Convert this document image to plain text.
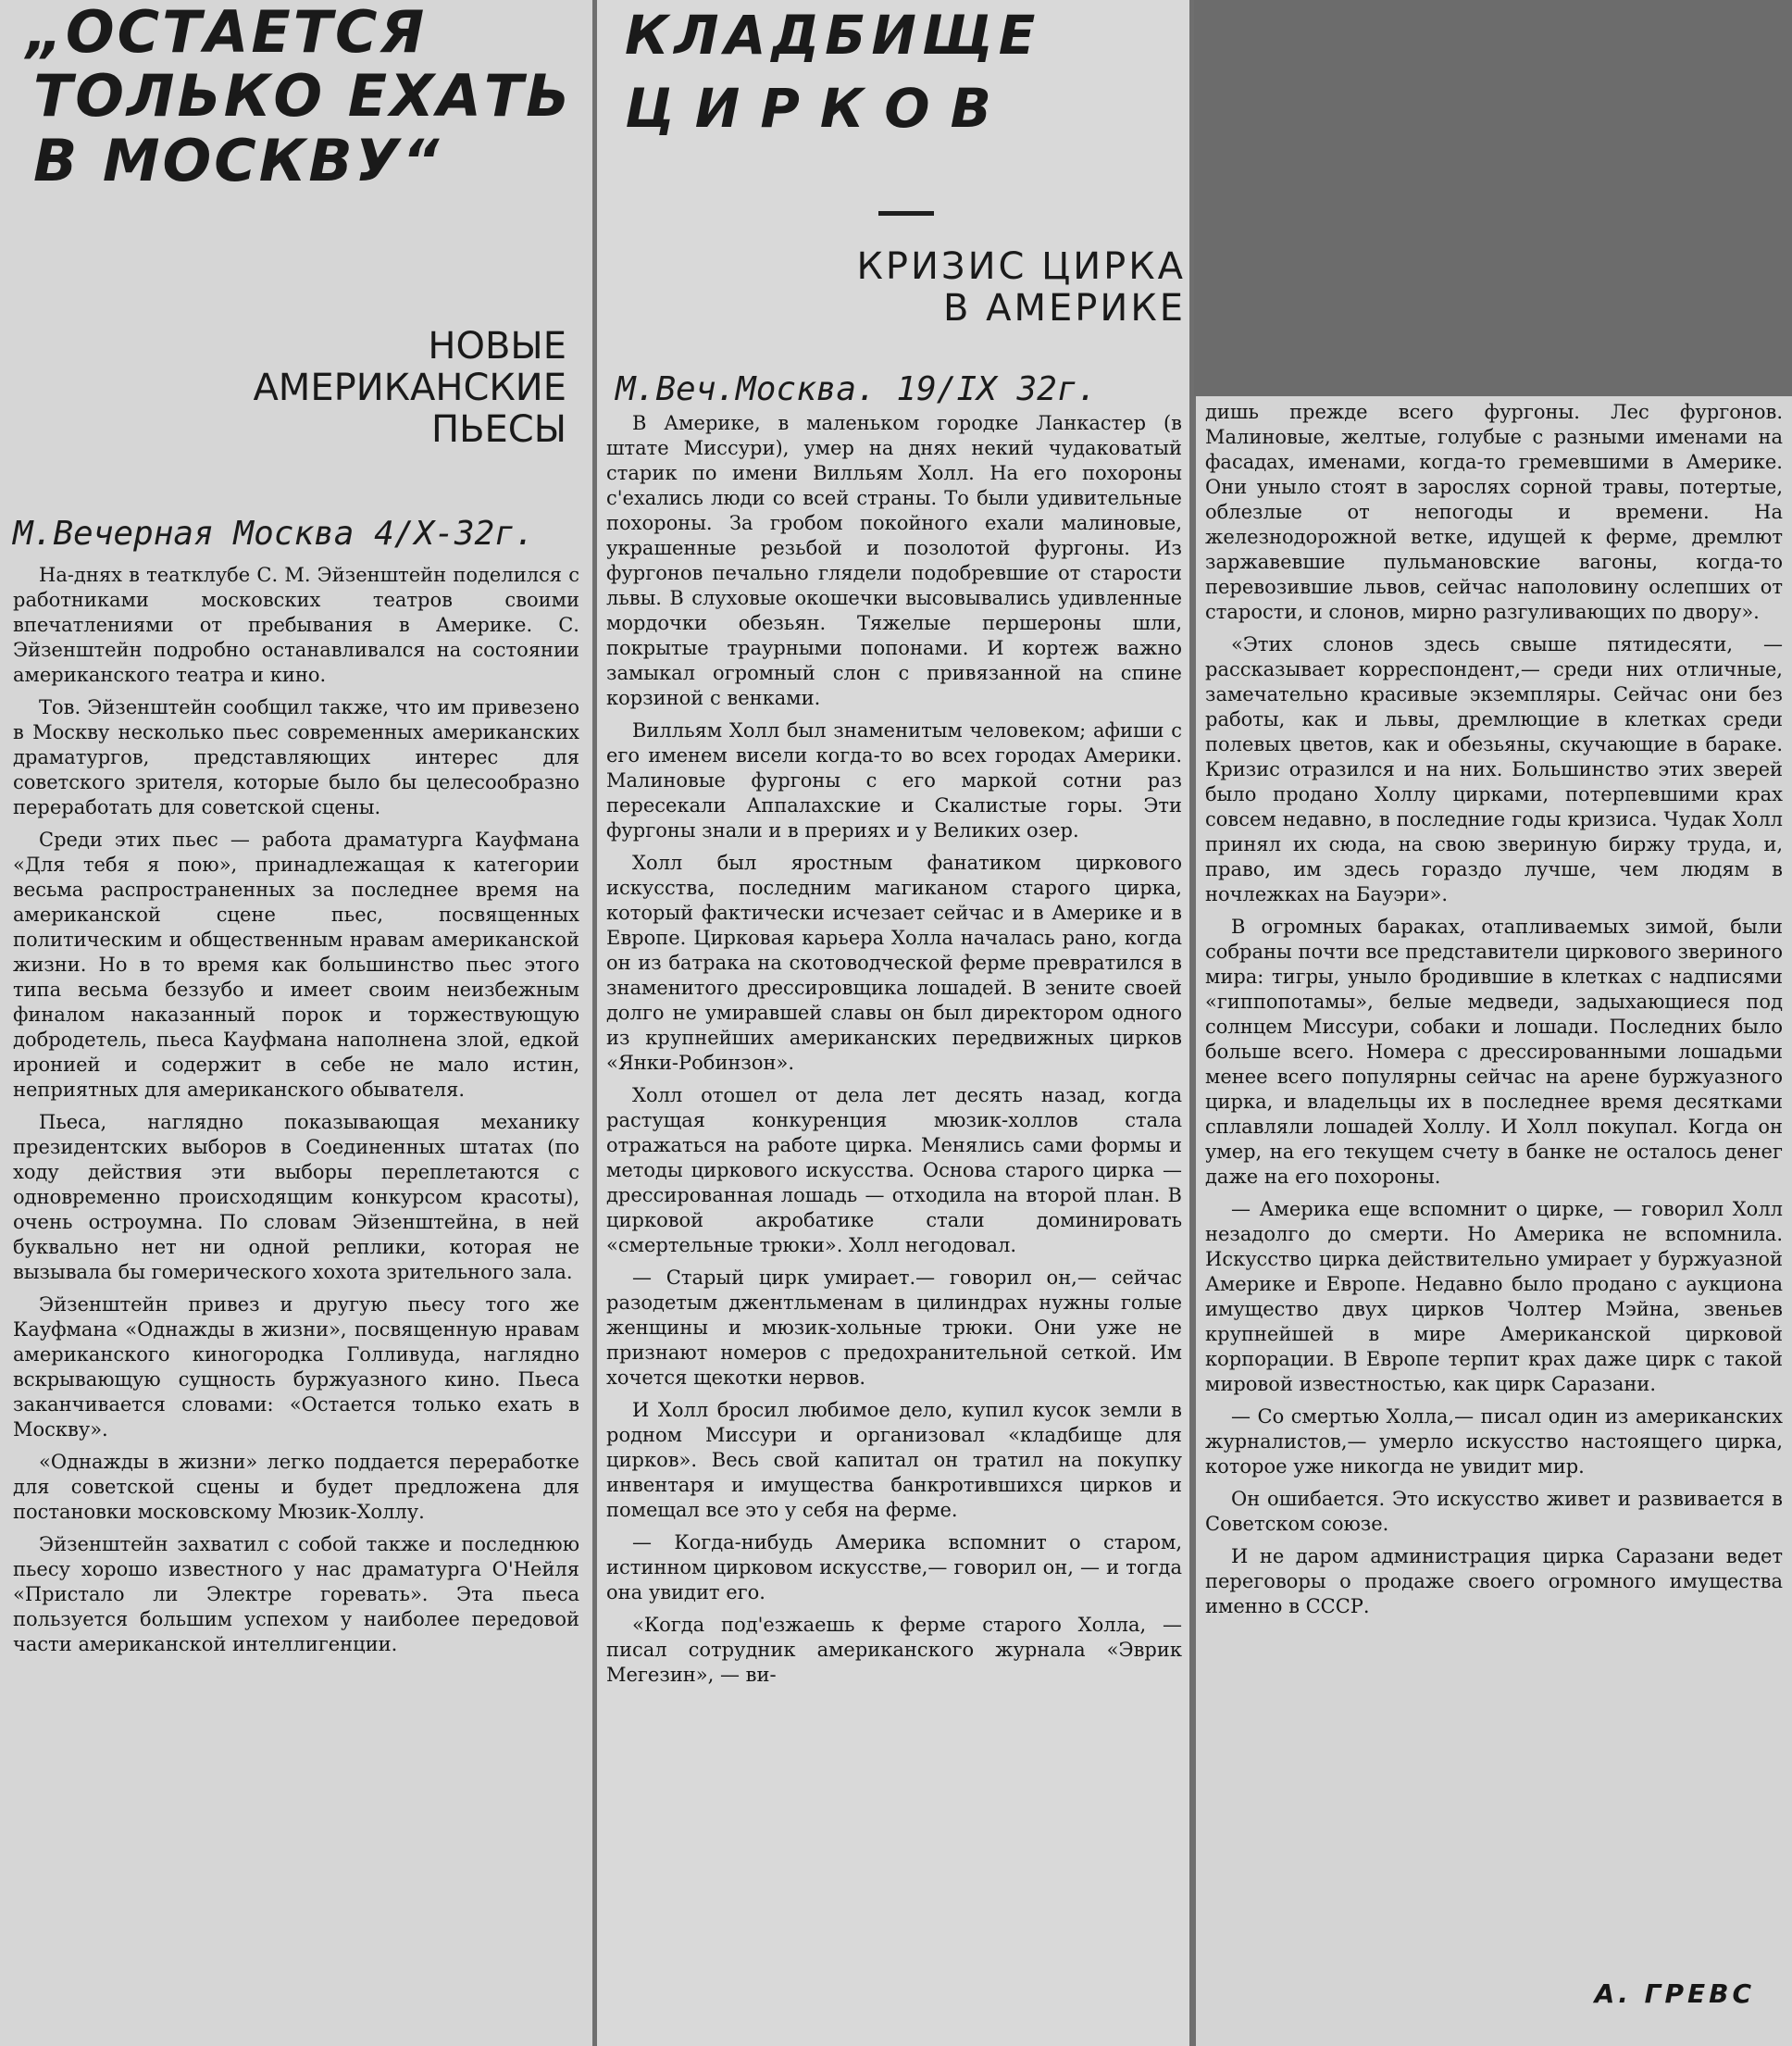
„ОСТАЕТСЯ
ТОЛЬКО ЕХАТЬ
В МОСКВУ“
НОВЫЕ
АМЕРИКАНСКИЕ
ПЬЕСЫ
М.Вечерная Москва 4/Х-32г.

На-днях в театклубе С. М. Эйзенштейн поделился с работниками московских театров своими впечатлениями от пребывания в Америке. С. Эйзенштейн подробно останавливался на состоянии американского театра и кино.

Тов. Эйзенштейн сообщил также, что им привезено в Москву несколько пьес современных американских драматургов, представляющих интерес для советского зрителя, которые было бы целесообразно переработать для советской сцены.

Среди этих пьес — работа драматурга Кауфмана «Для тебя я пою», принадлежащая к категории весьма распространенных за последнее время на американской сцене пьес, посвященных политическим и общественным нравам американской жизни. Но в то время как большинство пьес этого типа весьма беззубо и имеет своим неизбежным финалом наказанный порок и торжествующую добродетель, пьеса Кауфмана наполнена злой, едкой иронией и содержит в себе не мало истин, неприятных для американского обывателя.

Пьеса, наглядно показывающая механику президентских выборов в Соединенных штатах (по ходу действия эти выборы переплетаются с одновременно происходящим конкурсом красоты), очень остроумна. По словам Эйзенштейна, в ней буквально нет ни одной реплики, которая не вызывала бы гомерического хохота зрительного зала.

Эйзенштейн привез и другую пьесу того же Кауфмана «Однажды в жизни», посвященную нравам американского киногородка Голливуда, наглядно вскрывающую сущность буржуазного кино. Пьеса заканчивается словами: «Остается только ехать в Москву».

«Однажды в жизни» легко поддается переработке для советской сцены и будет предложена для постановки московскому Мюзик-Холлу.

Эйзенштейн захватил с собой также и последнюю пьесу хорошо известного у нас драматурга О'Нейля «Пристало ли Электре горевать». Эта пьеса пользуется большим успехом у наиболее передовой части американской интеллигенции.

КЛАДБИЩЕ
ЦИРКОВ
КРИЗИС ЦИРКА
В АМЕРИКЕ
М.Веч.Москва. 19/IX 32г.

В Америке, в маленьком городке Ланкастер (в штате Миссури), умер на днях некий чудаковатый старик по имени Вилльям Холл. На его похороны с'ехались люди со всей страны. То были удивительные похороны. За гробом покойного ехали малиновые, украшенные резьбой и позолотой фургоны. Из фургонов печально глядели подобревшие от старости львы. В слуховые окошечки высовывались удивленные мордочки обезьян. Тяжелые першероны шли, покрытые траурными попонами. И кортеж важно замыкал огромный слон с привязанной на спине корзиной с венками.

Вилльям Холл был знаменитым человеком; афиши с его именем висели когда-то во всех городах Америки. Малиновые фургоны с его маркой сотни раз пересекали Аппалахские и Скалистые горы. Эти фургоны знали и в прериях и у Великих озер.

Холл был яростным фанатиком циркового искусства, последним магиканом старого цирка, который фактически исчезает сейчас и в Америке и в Европе. Цирковая карьера Холла началась рано, когда он из батрака на скотоводческой ферме превратился в знаменитого дрессировщика лошадей. В зените своей долго не умиравшей славы он был директором одного из крупнейших американских передвижных цирков «Янки-Робинзон».

Холл отошел от дела лет десять назад, когда растущая конкуренция мюзик-холлов стала отражаться на работе цирка. Менялись сами формы и методы циркового искусства. Основа старого цирка — дрессированная лошадь — отходила на второй план. В цирковой акробатике стали доминировать «смертельные трюки». Холл негодовал.

— Старый цирк умирает.— говорил он,— сейчас разодетым джентльменам в цилиндрах нужны голые женщины и мюзик-хольные трюки. Они уже не признают номеров с предохранительной сеткой. Им хочется щекотки нервов.

И Холл бросил любимое дело, купил кусок земли в родном Миссури и организовал «кладбище для цирков». Весь свой капитал он тратил на покупку инвентаря и имущества банкротившихся цирков и помещал все это у себя на ферме.

— Когда-нибудь Америка вспомнит о старом, истинном цирковом искусстве,— говорил он, — и тогда она увидит его.

«Когда под'езжаешь к ферме старого Холла, — писал сотрудник американского журнала «Эврик Мегезин», — ви-

дишь прежде всего фургоны. Лес фургонов. Малиновые, желтые, голубые с разными именами на фасадах, именами, когда-то гремевшими в Америке. Они уныло стоят в зарослях сорной травы, потертые, облезлые от непогоды и времени. На железнодорожной ветке, идущей к ферме, дремлют заржавевшие пульмановские вагоны, когда-то перевозившие львов, сейчас наполовину ослепших от старости, и слонов, мирно разгуливающих по двору».

«Этих слонов здесь свыше пятидесяти, —рассказывает корреспондент,— среди них отличные, замечательно красивые экземпляры. Сейчас они без работы, как и львы, дремлющие в клетках среди полевых цветов, как и обезьяны, скучающие в бараке. Кризис отразился и на них. Большинство этих зверей было продано Холлу цирками, потерпевшими крах совсем недавно, в последние годы кризиса. Чудак Холл принял их сюда, на свою звериную биржу труда, и, право, им здесь гораздо лучше, чем людям в ночлежках на Бауэри».

В огромных бараках, отапливаемых зимой, были собраны почти все представители циркового звериного мира: тигры, уныло бродившие в клетках с надписями «гиппопотамы», белые медведи, задыхающиеся под солнцем Миссури, собаки и лошади. Последних было больше всего. Номера с дрессированными лошадьми менее всего популярны сейчас на арене буржуазного цирка, и владельцы их в последнее время десятками сплавляли лошадей Холлу. И Холл покупал. Когда он умер, на его текущем счету в банке не осталось денег даже на его похороны.

— Америка еще вспомнит о цирке, — говорил Холл незадолго до смерти. Но Америка не вспомнила. Искусство цирка действительно умирает у буржуазной Америке и Европе. Недавно было продано с аукциона имущество двух цирков Чолтер Мэйна, звеньев крупнейшей в мире Американской цирковой корпорации. В Европе терпит крах даже цирк с такой мировой известностью, как цирк Саразани.

— Со смертью Холла,— писал один из американских журналистов,— умерло искусство настоящего цирка, которое уже никогда не увидит мир.

Он ошибается. Это искусство живет и развивается в Советском союзе.

И не даром администрация цирка Саразани ведет переговоры о продаже своего огромного имущества именно в СССР.

А. ГРЕВС
